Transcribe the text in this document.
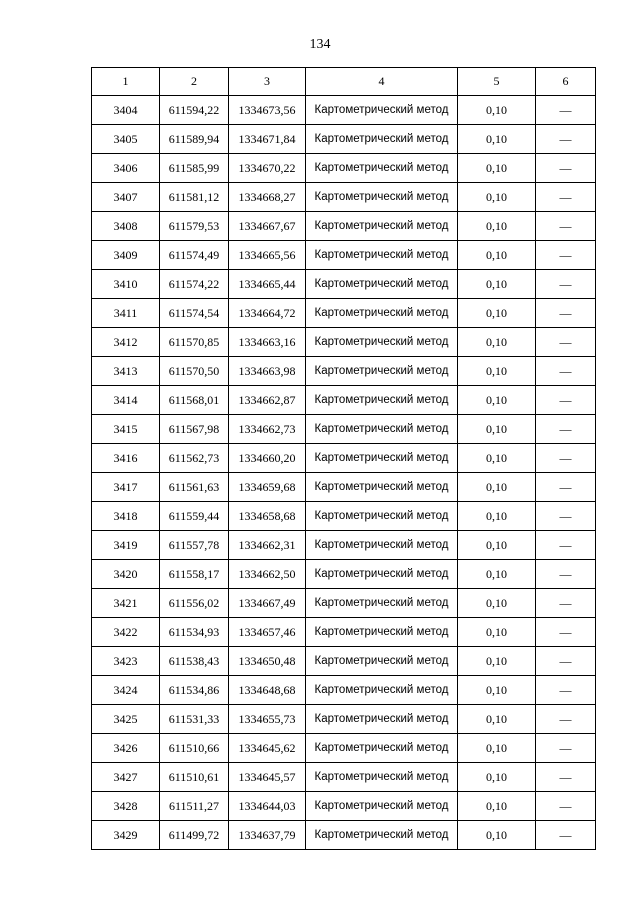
134
1	2	3	4	5	6
3404	611594,22	1334673,56	Картометрический метод	0,10	—
3405	611589,94	1334671,84	Картометрический метод	0,10	—
3406	611585,99	1334670,22	Картометрический метод	0,10	—
3407	611581,12	1334668,27	Картометрический метод	0,10	—
3408	611579,53	1334667,67	Картометрический метод	0,10	—
3409	611574,49	1334665,56	Картометрический метод	0,10	—
3410	611574,22	1334665,44	Картометрический метод	0,10	—
3411	611574,54	1334664,72	Картометрический метод	0,10	—
3412	611570,85	1334663,16	Картометрический метод	0,10	—
3413	611570,50	1334663,98	Картометрический метод	0,10	—
3414	611568,01	1334662,87	Картометрический метод	0,10	—
3415	611567,98	1334662,73	Картометрический метод	0,10	—
3416	611562,73	1334660,20	Картометрический метод	0,10	—
3417	611561,63	1334659,68	Картометрический метод	0,10	—
3418	611559,44	1334658,68	Картометрический метод	0,10	—
3419	611557,78	1334662,31	Картометрический метод	0,10	—
3420	611558,17	1334662,50	Картометрический метод	0,10	—
3421	611556,02	1334667,49	Картометрический метод	0,10	—
3422	611534,93	1334657,46	Картометрический метод	0,10	—
3423	611538,43	1334650,48	Картометрический метод	0,10	—
3424	611534,86	1334648,68	Картометрический метод	0,10	—
3425	611531,33	1334655,73	Картометрический метод	0,10	—
3426	611510,66	1334645,62	Картометрический метод	0,10	—
3427	611510,61	1334645,57	Картометрический метод	0,10	—
3428	611511,27	1334644,03	Картометрический метод	0,10	—
3429	611499,72	1334637,79	Картометрический метод	0,10	—
